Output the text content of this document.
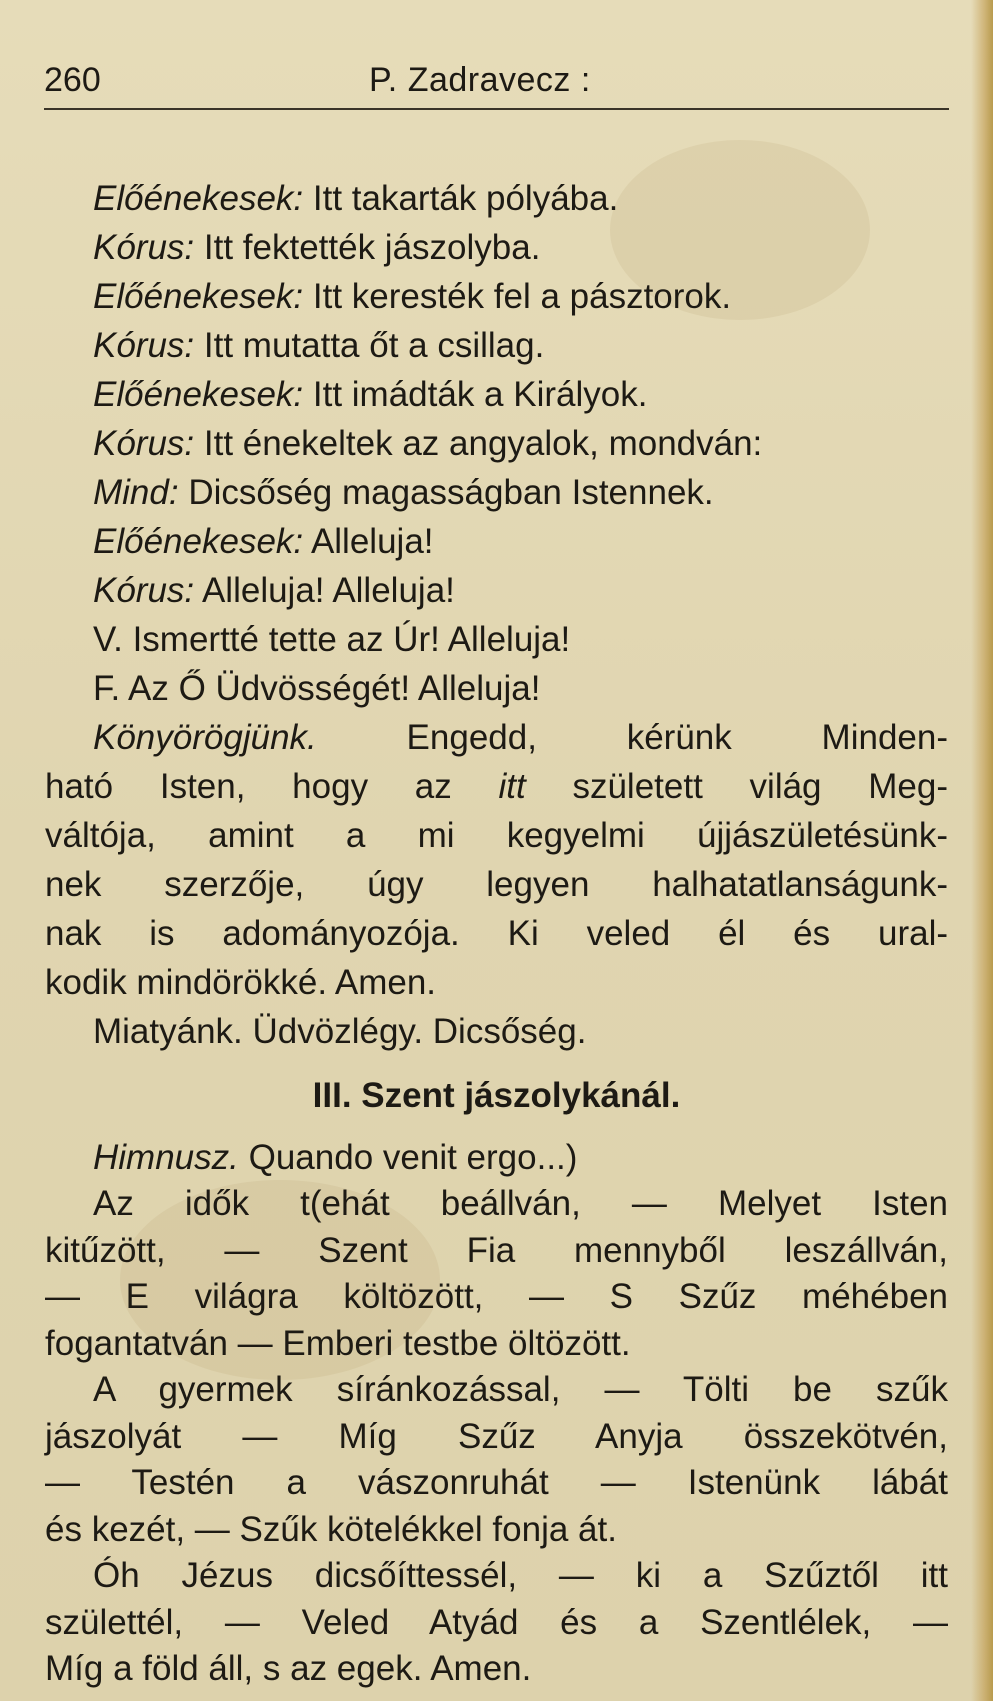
260	P. Zadravecz :
Előénekesek: Itt takarták pólyába.
Kórus: Itt fektették jászolyba.
Előénekesek: Itt keresték fel a pásztorok.
Kórus: Itt mutatta őt a csillag.
Előénekesek: Itt imádták a Királyok.
Kórus: Itt énekeltek az angyalok, mondván:
Mind: Dicsőség magasságban Istennek.
Előénekesek: Alleluja!
Kórus: Alleluja! Alleluja!
V. Ismertté tette az Úr! Alleluja!
F. Az Ő Üdvösségét! Alleluja!
Könyörögjünk.	Engedd, kérünk Minden-
ható Isten, hogy az itt született világ Meg-
váltója, amint a mi kegyelmi újjászületésünk-
nek szerzője, úgy legyen halhatatlanságunk-
nak is adományozója. Ki veled él és ural-
kodik mindörökké. Amen.
Miatyánk. Üdvözlégy. Dicsőség.
III. Szent jászolykánál.
Himnusz. Quando venit ergo...)
Az idők t(ehát beállván, — Melyet Isten
kitűzött, — Szent Fia mennyből leszállván,
— E világra költözött, — S Szűz méhében
fogantatván — Emberi testbe öltözött.
A gyermek síránkozással, — Tölti be szűk
jászolyát — Míg Szűz Anyja összekötvén,
— Testén a vászonruhát — Istenünk lábát
és kezét, — Szűk kötelékkel fonja át.
Óh Jézus dicsőíttessél, — ki a Szűztől itt
születtél, — Veled Atyád és a Szentlélek, —
Míg a föld áll, s az egek. Amen.
